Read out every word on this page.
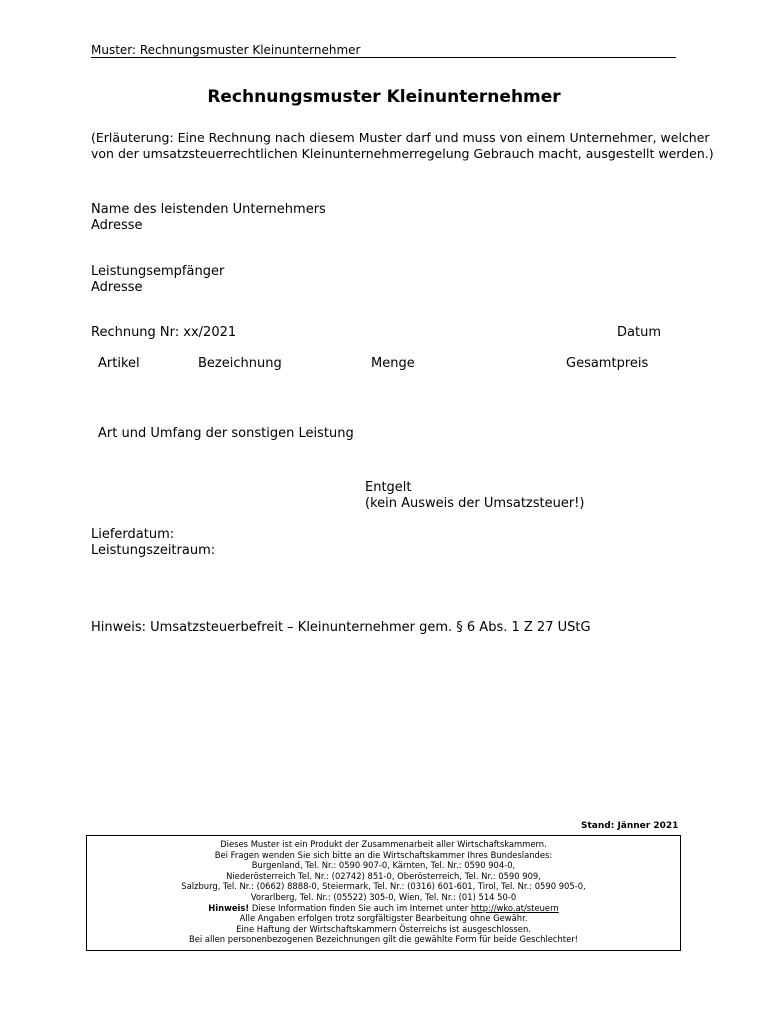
Muster: Rechnungsmuster Kleinunternehmer
Rechnungsmuster Kleinunternehmer
(Erläuterung: Eine Rechnung nach diesem Muster darf und muss von einem Unternehmer, welcher
von der umsatzsteuerrechtlichen Kleinunternehmerregelung Gebrauch macht, ausgestellt werden.)
Name des leistenden Unternehmers
Adresse
Leistungsempfänger
Adresse
Rechnung Nr: xx/2021	Datum
Artikel	Bezeichnung	Menge	Gesamtpreis
Art und Umfang der sonstigen Leistung
Entgelt
(kein Ausweis der Umsatzsteuer!)
Lieferdatum:
Leistungszeitraum:
Hinweis: Umsatzsteuerbefreit – Kleinunternehmer gem. § 6 Abs. 1 Z 27 UStG
Stand: Jänner 2021
Dieses Muster ist ein Produkt der Zusammenarbeit aller Wirtschaftskammern.
Bei Fragen wenden Sie sich bitte an die Wirtschaftskammer Ihres Bundeslandes:
Burgenland, Tel. Nr.: 0590 907-0, Kärnten, Tel. Nr.: 0590 904-0,
Niederösterreich Tel. Nr.: (02742) 851-0, Oberösterreich, Tel. Nr.: 0590 909,
Salzburg, Tel. Nr.: (0662) 8888-0, Steiermark, Tel. Nr.: (0316) 601-601, Tirol, Tel. Nr.: 0590 905-0,
Vorarlberg, Tel. Nr.: (05522) 305-0, Wien, Tel. Nr.: (01) 514 50-0
Hinweis! Diese Information finden Sie auch im Internet unter http://wko.at/steuern
Alle Angaben erfolgen trotz sorgfältigster Bearbeitung ohne Gewähr.
Eine Haftung der Wirtschaftskammern Österreichs ist ausgeschlossen.
Bei allen personenbezogenen Bezeichnungen gilt die gewählte Form für beide Geschlechter!
